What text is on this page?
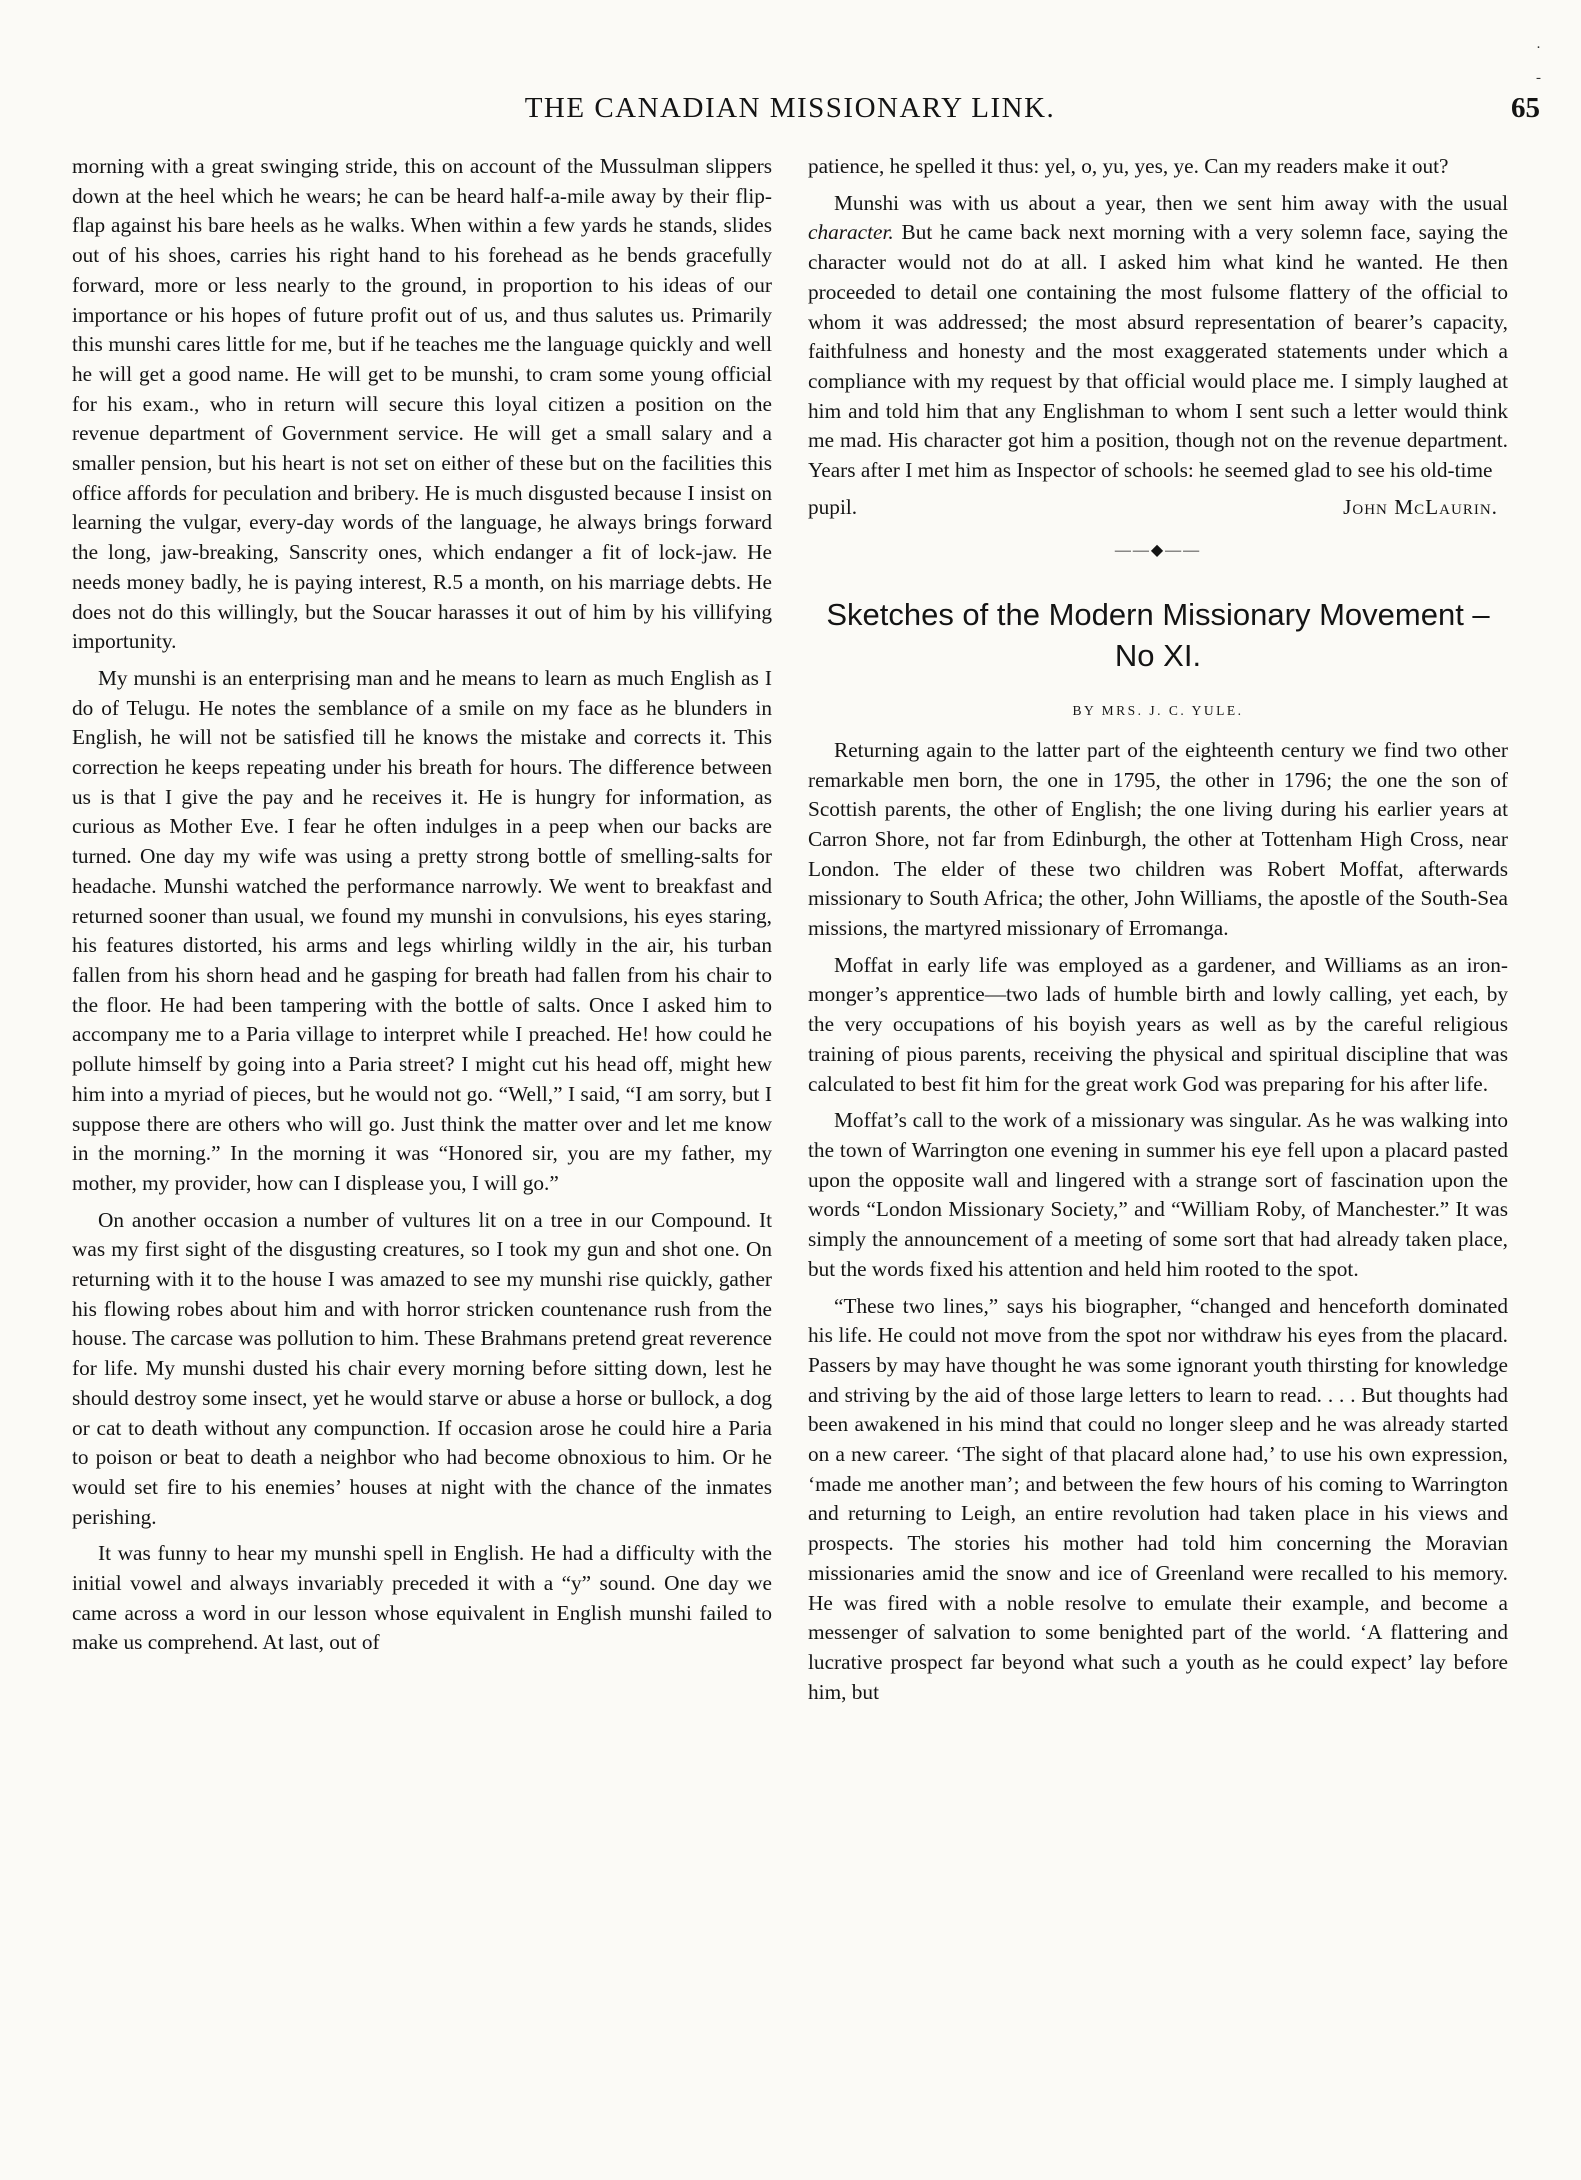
THE CANADIAN MISSIONARY LINK.	65
·
-

morning with a great swinging stride, this on account of the Mussulman slippers down at the heel which he wears; he can be heard half-a-mile away by their flip-flap against his bare heels as he walks. When within a few yards he stands, slides out of his shoes, carries his right hand to his forehead as he bends gracefully forward, more or less nearly to the ground, in proportion to his ideas of our importance or his hopes of future profit out of us, and thus salutes us. Primarily this munshi cares little for me, but if he teaches me the language quickly and well he will get a good name. He will get to be munshi, to cram some young official for his exam., who in return will secure this loyal citizen a position on the revenue department of Government service. He will get a small salary and a smaller pension, but his heart is not set on either of these but on the facilities this office affords for peculation and bribery. He is much disgusted because I insist on learning the vulgar, every-day words of the language, he always brings forward the long, jaw-breaking, Sanscrity ones, which endanger a fit of lock-jaw. He needs money badly, he is paying interest, R.5 a month, on his marriage debts. He does not do this willingly, but the Soucar harasses it out of him by his villifying importunity.

My munshi is an enterprising man and he means to learn as much English as I do of Telugu. He notes the semblance of a smile on my face as he blunders in English, he will not be satisfied till he knows the mistake and corrects it. This correction he keeps repeating under his breath for hours. The difference between us is that I give the pay and he receives it. He is hungry for information, as curious as Mother Eve. I fear he often indulges in a peep when our backs are turned. One day my wife was using a pretty strong bottle of smelling-salts for headache. Munshi watched the performance narrowly. We went to breakfast and returned sooner than usual, we found my munshi in convulsions, his eyes staring, his features distorted, his arms and legs whirling wildly in the air, his turban fallen from his shorn head and he gasping for breath had fallen from his chair to the floor. He had been tampering with the bottle of salts. Once I asked him to accompany me to a Paria village to interpret while I preached. He! how could he pollute himself by going into a Paria street? I might cut his head off, might hew him into a myriad of pieces, but he would not go. “Well,” I said, “I am sorry, but I suppose there are others who will go. Just think the matter over and let me know in the morning.” In the morning it was “Honored sir, you are my father, my mother, my provider, how can I displease you, I will go.”

On another occasion a number of vultures lit on a tree in our Compound. It was my first sight of the disgusting creatures, so I took my gun and shot one. On returning with it to the house I was amazed to see my munshi rise quickly, gather his flowing robes about him and with horror stricken countenance rush from the house. The carcase was pollution to him. These Brahmans pretend great reverence for life. My munshi dusted his chair every morning before sitting down, lest he should destroy some insect, yet he would starve or abuse a horse or bullock, a dog or cat to death without any compunction. If occasion arose he could hire a Paria to poison or beat to death a neighbor who had become obnoxious to him. Or he would set fire to his enemies’ houses at night with the chance of the inmates perishing.

It was funny to hear my munshi spell in English. He had a difficulty with the initial vowel and always invariably preceded it with a “y” sound. One day we came across a word in our lesson whose equivalent in English munshi failed to make us comprehend. At last, out of

patience, he spelled it thus: yel, o, yu, yes, ye. Can my readers make it out?

Munshi was with us about a year, then we sent him away with the usual character. But he came back next morning with a very solemn face, saying the character would not do at all. I asked him what kind he wanted. He then proceeded to detail one containing the most fulsome flattery of the official to whom it was addressed; the most absurd representation of bearer’s capacity, faithfulness and honesty and the most exaggerated statements under which a compliance with my request by that official would place me. I simply laughed at him and told him that any Englishman to whom I sent such a letter would think me mad. His character got him a position, though not on the revenue department. Years after I met him as Inspector of schools: he seemed glad to see his old-time

pupil.	John McLaurin.
——◆——
Sketches of the Modern Missionary Movement – No XI.
BY MRS. J. C. YULE.

Returning again to the latter part of the eighteenth century we find two other remarkable men born, the one in 1795, the other in 1796; the one the son of Scottish parents, the other of English; the one living during his earlier years at Carron Shore, not far from Edinburgh, the other at Tottenham High Cross, near London. The elder of these two children was Robert Moffat, afterwards missionary to South Africa; the other, John Williams, the apostle of the South-Sea missions, the martyred missionary of Erromanga.

Moffat in early life was employed as a gardener, and Williams as an iron-monger’s apprentice—two lads of humble birth and lowly calling, yet each, by the very occupations of his boyish years as well as by the careful religious training of pious parents, receiving the physical and spiritual discipline that was calculated to best fit him for the great work God was preparing for his after life.

Moffat’s call to the work of a missionary was singular. As he was walking into the town of Warrington one evening in summer his eye fell upon a placard pasted upon the opposite wall and lingered with a strange sort of fascination upon the words “London Missionary Society,” and “William Roby, of Manchester.” It was simply the announcement of a meeting of some sort that had already taken place, but the words fixed his attention and held him rooted to the spot.

“These two lines,” says his biographer, “changed and henceforth dominated his life. He could not move from the spot nor withdraw his eyes from the placard. Passers by may have thought he was some ignorant youth thirsting for knowledge and striving by the aid of those large letters to learn to read. . . . But thoughts had been awakened in his mind that could no longer sleep and he was already started on a new career. ‘The sight of that placard alone had,’ to use his own expression, ‘made me another man’; and between the few hours of his coming to Warrington and returning to Leigh, an entire revolution had taken place in his views and prospects. The stories his mother had told him concerning the Moravian missionaries amid the snow and ice of Greenland were recalled to his memory. He was fired with a noble resolve to emulate their example, and become a messenger of salvation to some benighted part of the world. ‘A flattering and lucrative prospect far beyond what such a youth as he could expect’ lay before him, but
